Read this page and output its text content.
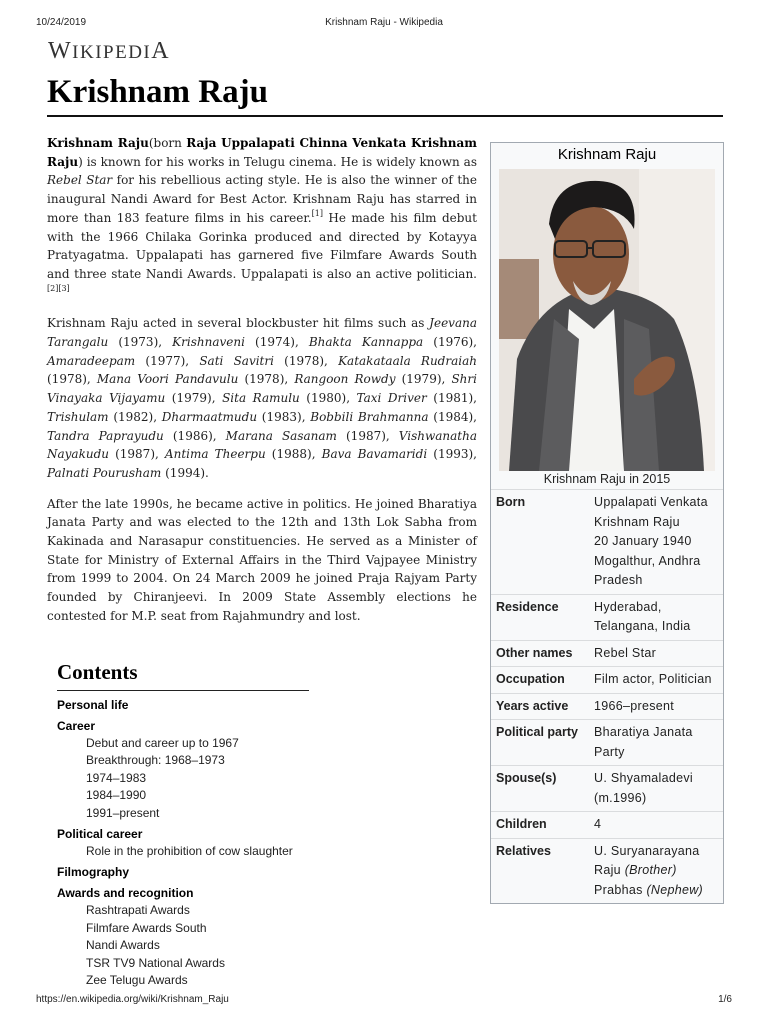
10/24/2019	Krishnam Raju - Wikipedia
WIKIPEDIA
Krishnam Raju

Krishnam Raju(born Raja Uppalapati Chinna Venkata Krishnam Raju) is known for his works in Telugu cinema. He is widely known as Rebel Star for his rebellious acting style. He is also the winner of the inaugural Nandi Award for Best Actor. Krishnam Raju has starred in more than 183 feature films in his career.[1] He made his film debut with the 1966 Chilaka Gorinka produced and directed by Kotayya Pratyagatma. Uppalapati has garnered five Filmfare Awards South and three state Nandi Awards. Uppalapati is also an active politician.[2][3]

Krishnam Raju acted in several blockbuster hit films such as Jeevana Tarangalu (1973), Krishnaveni (1974), Bhakta Kannappa (1976), Amaradeepam (1977), Sati Savitri (1978), Katakataala Rudraiah (1978), Mana Voori Pandavulu (1978), Rangoon Rowdy (1979), Shri Vinayaka Vijayamu (1979), Sita Ramulu (1980), Taxi Driver (1981), Trishulam (1982), Dharmaatmudu (1983), Bobbili Brahmanna (1984), Tandra Paprayudu (1986), Marana Sasanam (1987), Vishwanatha Nayakudu (1987), Antima Theerpu (1988), Bava Bavamaridi (1993), Palnati Pourusham (1994).

After the late 1990s, he became active in politics. He joined Bharatiya Janata Party and was elected to the 12th and 13th Lok Sabha from Kakinada and Narasapur constituencies. He served as a Minister of State for Ministry of External Affairs in the Third Vajpayee Ministry from 1999 to 2004. On 24 March 2009 he joined Praja Rajyam Party founded by Chiranjeevi. In 2009 State Assembly elections he contested for M.P. seat from Rajahmundry and lost.

Krishnam Raju
Krishnam Raju in 2015
Born	Uppalapati Venkata
Krishnam Raju
20 January 1940
Mogalthur, Andhra
Pradesh

Residence	Hyderabad,
Telangana, India

Other names	Rebel Star

Occupation	Film actor, Politician

Years active	1966–present

Political party	Bharatiya Janata
Party

Spouse(s)	U. Shyamaladevi
(m.1996)

Children	4

Relatives	U. Suryanarayana
Raju (Brother)
Prabhas (Nephew)
Contents
Personal life
Career
Debut and career up to 1967
Breakthrough: 1968–1973
1974–1983
1984–1990
1991–present
Political career
Role in the prohibition of cow slaughter
Filmography
Awards and recognition
Rashtrapati Awards
Filmfare Awards South
Nandi Awards
TSR TV9 National Awards
Zee Telugu Awards
https://en.wikipedia.org/wiki/Krishnam_Raju	1/6
